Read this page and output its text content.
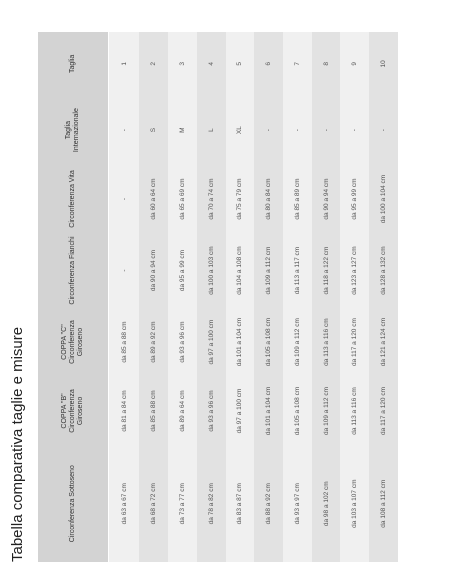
Tabella comparativa taglie e misure	Circonferenza Sottoseno	COPPA "B" Circonferenza Giroseno	COPPA "C" Circonferenza Giroseno	Circonferenza Fianchi	Circonferenza Vita	Taglia Internazionale	Taglia
da 63 a 67 cm	da 81 a 84 cm	da 85 a 88 cm	-	-	-	1
da 68 a 72 cm	da 85 a 88 cm	da 89 a 92 cm	da 90 a 94 cm	da 60 a 64 cm	S	2
da 73 a 77 cm	da 89 a 64 cm	da 93 a 96 cm	da 95 a 99 cm	da 65 a 69 cm	M	3
da 78 a 82 cm	da 93 a 96 cm	da 97 a 100 cm	da 100 a 103 cm	da 70 a 74 cm	L	4
da 83 a 87 cm	da 97 a 100 cm	da 101 a 104 cm	da 104 a 108 cm	da 75 a 79 cm	XL	5
da 88 a 92 cm	da 101 a 104 cm	da 105 a 108 cm	da 109 a 112 cm	da 80 a 84 cm	-	6
da 93 a 97 cm	da 105 a 108 cm	da 109 a 112 cm	da 113 a 117 cm	da 85 a 89 cm	-	7
da 98 a 102 cm	da 109 a 112 cm	da 113 a 116 cm	da 118 a 122 cm	da 90 a 94 cm	-	8
da 103 a 107 cm	da 113 a 116 cm	da 117 a 120 cm	da 123 a 127 cm	da 95 a 99 cm	-	9
da 108 a 112 cm	da 117 a 120 cm	da 121 a 124 cm	da 128 a 132 cm	da 100 a 104 cm	-	10
